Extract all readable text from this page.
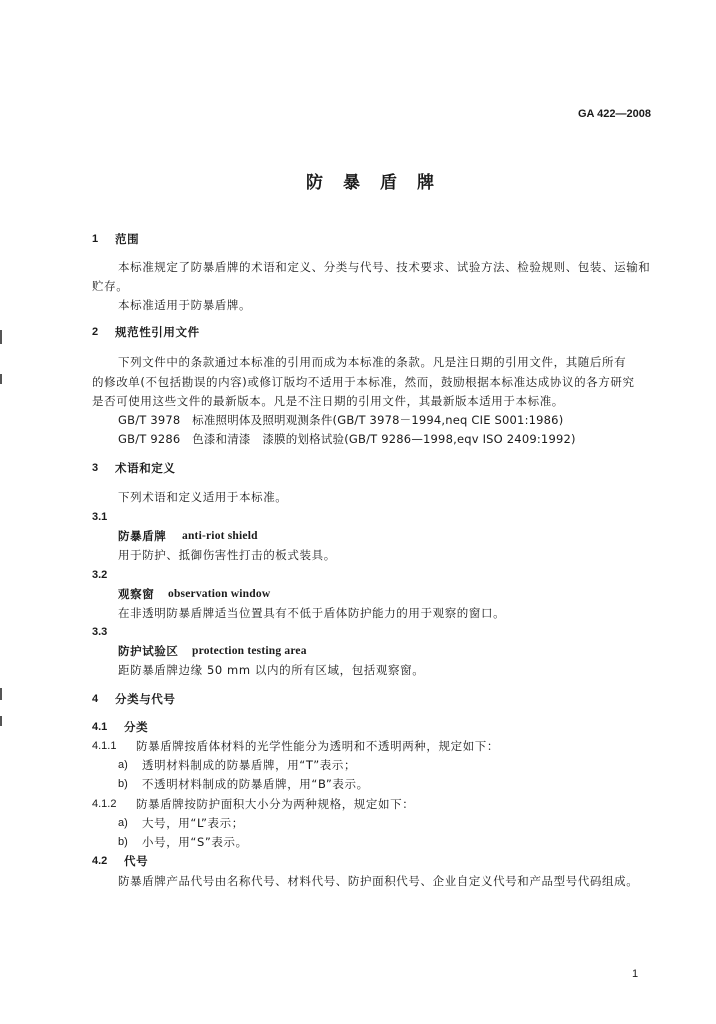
GA 422—2008
防暴盾牌
1 范围
本标准规定了防暴盾牌的术语和定义、分类与代号、技术要求、试验方法、检验规则、包装、运输和
贮存。
本标准适用于防暴盾牌。
2 规范性引用文件
下列文件中的条款通过本标准的引用而成为本标准的条款。凡是注日期的引用文件，其随后所有
的修改单(不包括勘误的内容)或修订版均不适用于本标准，然而，鼓励根据本标准达成协议的各方研究
是否可使用这些文件的最新版本。凡是不注日期的引用文件，其最新版本适用于本标准。
GB/T 3978　标准照明体及照明观测条件(GB/T 3978－1994,neq CIE S001:1986)
GB/T 9286　色漆和清漆　漆膜的划格试验(GB/T 9286—1998,eqv ISO 2409:1992)
3 术语和定义
下列术语和定义适用于本标准。
3.1
防暴盾牌 anti-riot shield
用于防护、抵御伤害性打击的板式装具。
3.2
观察窗 observation window
在非透明防暴盾牌适当位置具有不低于盾体防护能力的用于观察的窗口。
3.3
防护试验区 protection testing area
距防暴盾牌边缘 50 mm 以内的所有区域，包括观察窗。
4 分类与代号
4.1 分类
4.1.1 防暴盾牌按盾体材料的光学性能分为透明和不透明两种，规定如下：
a) 透明材料制成的防暴盾牌，用“T”表示；
b) 不透明材料制成的防暴盾牌，用“B”表示。
4.1.2 防暴盾牌按防护面积大小分为两种规格，规定如下：
a) 大号，用“L”表示；
b) 小号，用“S”表示。
4.2 代号
防暴盾牌产品代号由名称代号、材料代号、防护面积代号、企业自定义代号和产品型号代码组成。
1
